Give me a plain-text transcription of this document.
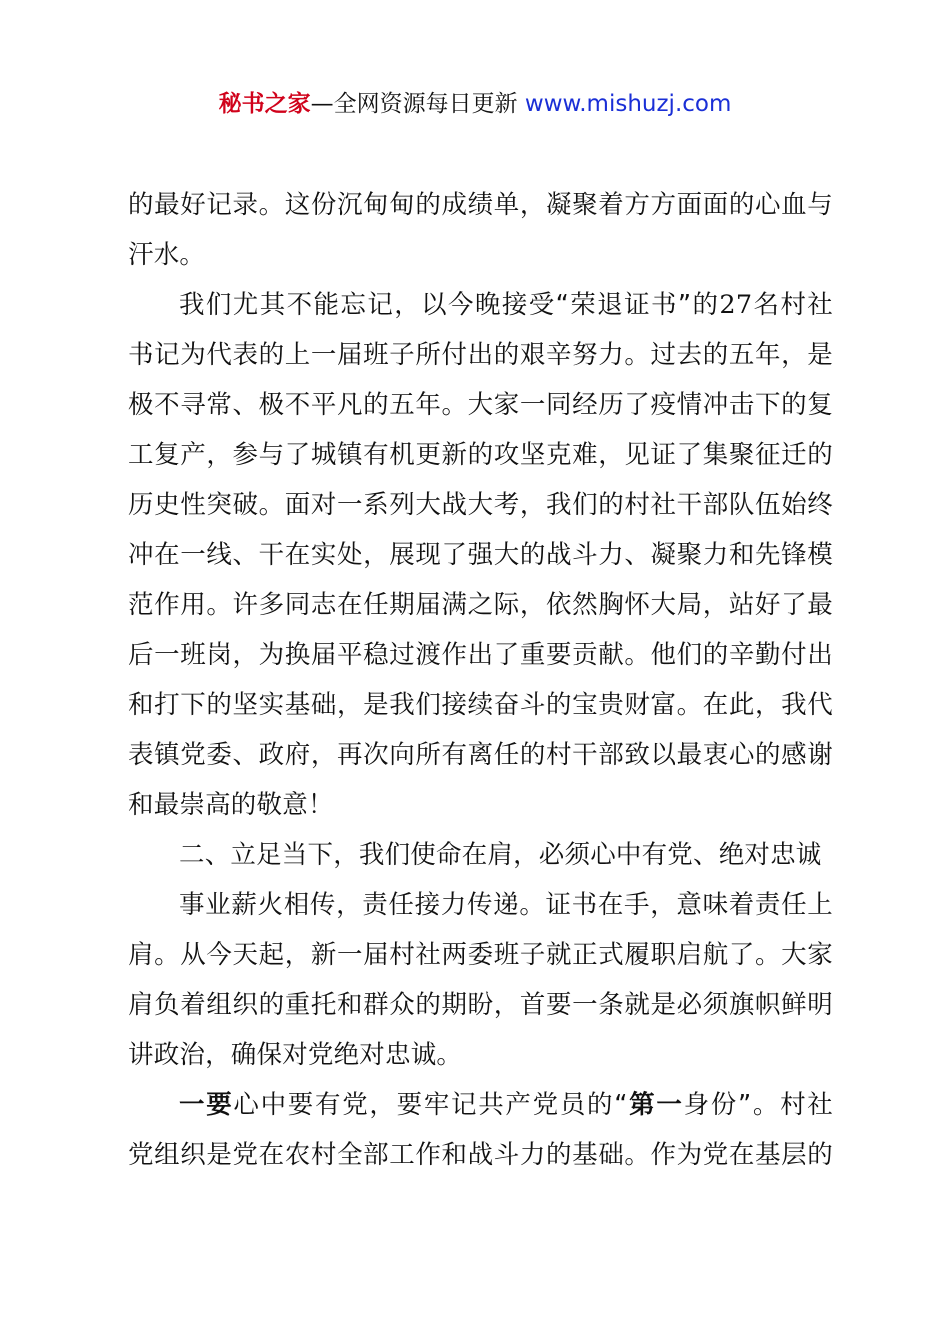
秘书之家—全网资源每日更新 www.mishuzj.com
的最好记录。这份沉甸甸的成绩单，凝聚着方方面面的心血与
汗水。
我们尤其不能忘记，以今晚接受“荣退证书”的27名村社
书记为代表的上一届班子所付出的艰辛努力。过去的五年，是
极不寻常、极不平凡的五年。大家一同经历了疫情冲击下的复
工复产，参与了城镇有机更新的攻坚克难，见证了集聚征迁的
历史性突破。面对一系列大战大考，我们的村社干部队伍始终
冲在一线、干在实处，展现了强大的战斗力、凝聚力和先锋模
范作用。许多同志在任期届满之际，依然胸怀大局，站好了最
后一班岗，为换届平稳过渡作出了重要贡献。他们的辛勤付出
和打下的坚实基础，是我们接续奋斗的宝贵财富。在此，我代
表镇党委、政府，再次向所有离任的村干部致以最衷心的感谢
和最崇高的敬意！
二、立足当下，我们使命在肩，必须心中有党、绝对忠诚
事业薪火相传，责任接力传递。证书在手，意味着责任上
肩。从今天起，新一届村社两委班子就正式履职启航了。大家
肩负着组织的重托和群众的期盼，首要一条就是必须旗帜鲜明
讲政治，确保对党绝对忠诚。
一要心中要有党，要牢记共产党员的“第一身份”。村社
党组织是党在农村全部工作和战斗力的基础。作为党在基层的
